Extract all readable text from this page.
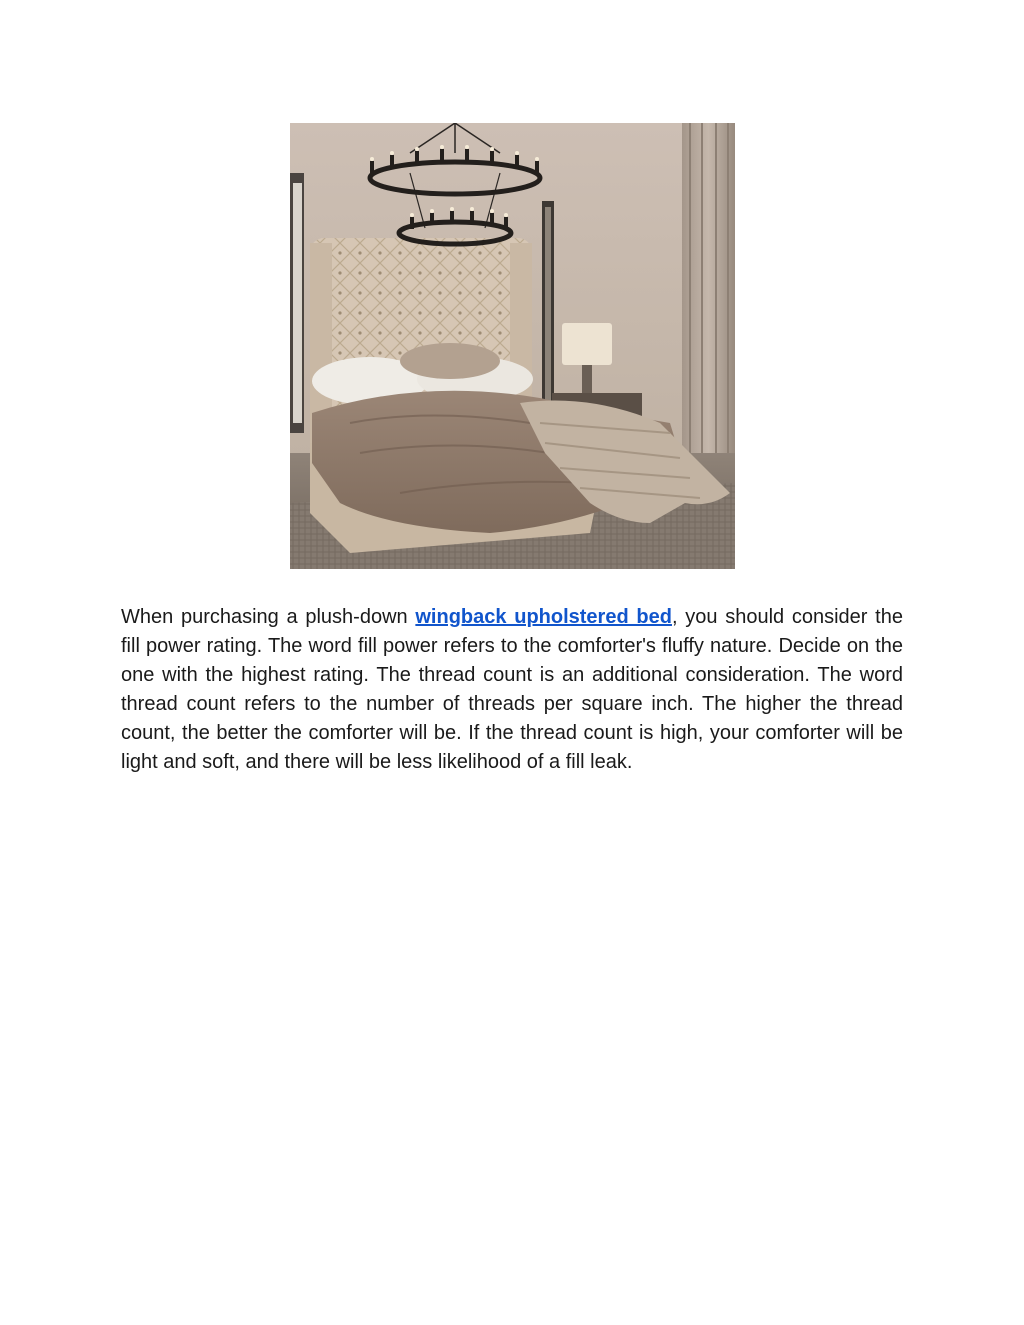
When purchasing a plush-down wingback upholstered bed, you should consider the fill power rating. The word fill power refers to the comforter's fluffy nature. Decide on the one with the highest rating. The thread count is an additional consideration. The word thread count refers to the number of threads per square inch. The higher the thread count, the better the comforter will be. If the thread count is high, your comforter will be light and soft, and there will be less likelihood of a fill leak.
